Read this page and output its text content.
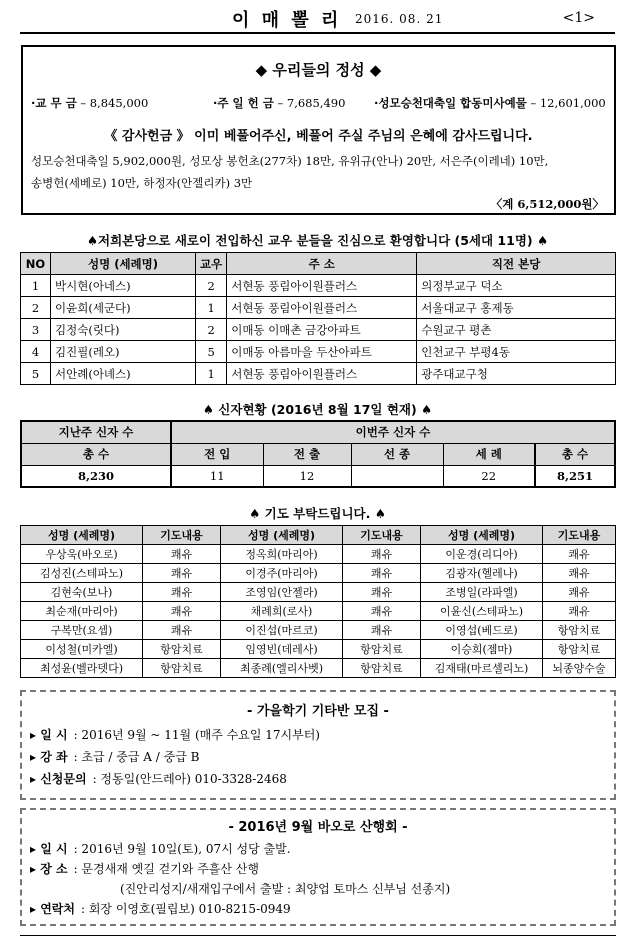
이 매 뽈 리 2016. 08. 21	<1>
◆ 우리들의 정성 ◆
·교 무 금 – 8,845,000	·주 일 헌 금 – 7,685,490 ·성모승천대축일 합동미사예물 – 12,601,000
《 감사헌금 》 이미 베풀어주신, 베풀어 주실 주님의 은혜에 감사드립니다.
성모승천대축일 5,902,000원, 성모상 봉헌초(277차) 18만, 유위규(안나) 20만, 서은주(이레네) 10만,
송병헌(세베로) 10만, 하정자(안젤리카) 3만
〈계 6,512,000원〉
♠저희본당으로 새로이 전입하신 교우 분들을 진심으로 환영합니다 (5세대 11명) ♠
NO	성명 (세례명)	교우	주 소	직전 본당
1	박시현(아네스)	2	서현동 풍림아이원플러스	의정부교구 덕소
2	이윤희(세군다)	1	서현동 풍림아이원플러스	서울대교구 홍제동
3	김정숙(릿다)	2	이매동 이매촌 금강아파트	수원교구 평촌
4	김진필(레오)	5	이매동 아름마을 두산아파트	인천교구 부평4동
5	서안례(아녜스)	1	서현동 풍림아이원플러스	광주대교구청
♠ 신자현황 (2016년 8월 17일 현재) ♠
지난주 신자 수	이번주 신자 수				
총 수	전 입	전 출	선 종	세 례	총 수
8,230	11	12		22	8,251
♠ 기도 부탁드립니다. ♠
성명 (세례명)	기도내용	성명 (세례명)	기도내용	성명 (세례명)	기도내용
우상욱(바오로)	쾌유	정옥희(마리아)	쾌유	이운경(리디아)	쾌유
김성진(스테파노)	쾌유	이경주(마리아)	쾌유	김광자(헬레나)	쾌유
김현숙(보나)	쾌유	조영임(안젤라)	쾌유	조병일(라파엘)	쾌유
최순재(마리아)	쾌유	채례희(로사)	쾌유	이윤신(스테파노)	쾌유
구복만(요셉)	쾌유	이진섭(마르코)	쾌유	이영섭(베드로)	항암치료
이성철(미카엘)	항암치료	임영빈(데레사)	항암치료	이승희(젬마)	항암치료
최성윤(벨라뎃다)	항암치료	최종례(엘리사벳)	항암치료	김재태(마르셀리노)	뇌종양수술
- 가을학기 기타반 모집 -
▸ 일 시 : 2016년 9월 ~ 11월 (매주 수요일 17시부터)
▸ 강 좌 : 초급 / 중급 A / 중급 B
▸ 신청문의 : 정동일(안드레아) 010-3328-2468
- 2016년 9월 바오로 산행회 -
▸ 일 시 : 2016년 9월 10일(토), 07시 성당 출발.
▸ 장 소 : 문경새재 옛길 걷기와 주흘산 산행
(진안리성지/새재입구에서 출발 : 최양업 토마스 신부님 선종지)
▸ 연락처 : 회장 이영호(필립보) 010-8215-0949
